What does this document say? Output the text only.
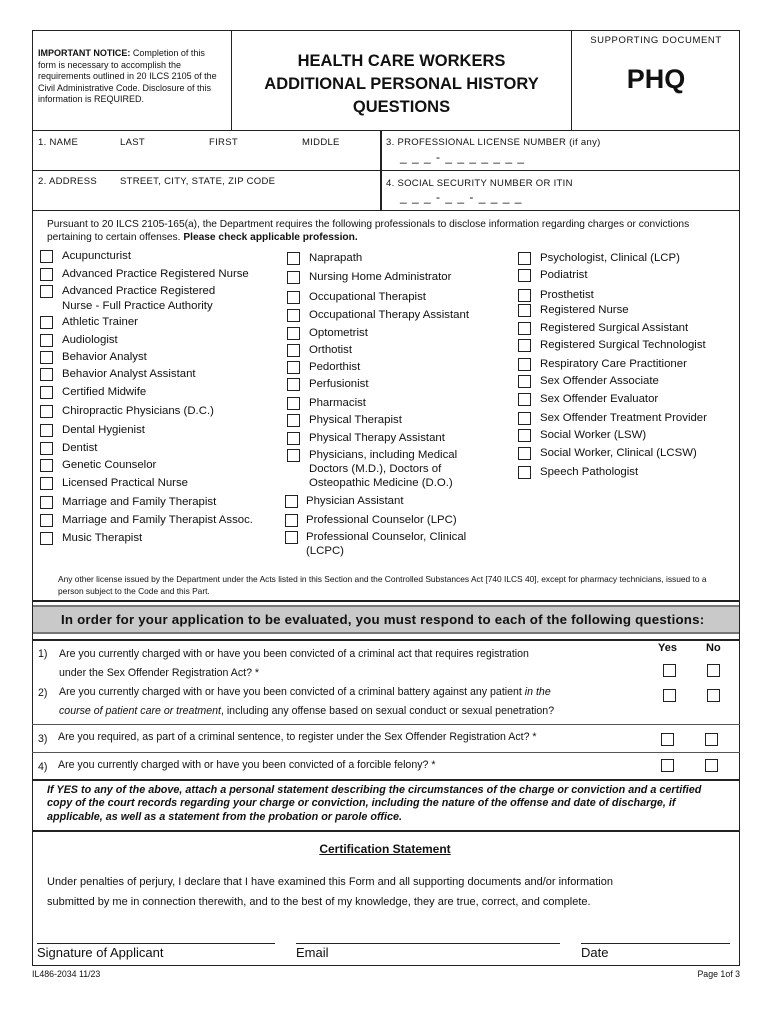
IMPORTANT NOTICE: Completion of this form is necessary to accomplish the requirements outlined in 20 ILCS 2105 of the Civil Administrative Code. Disclosure of this information is REQUIRED.
HEALTH CARE WORKERS
ADDITIONAL PERSONAL HISTORY
QUESTIONS
SUPPORTING DOCUMENT
PHQ
1. NAME	LAST	FIRST	MIDDLE	3. PROFESSIONAL LICENSE NUMBER (if any)
_ _ _ - _ _ _ _ _ _ _
2. ADDRESS STREET, CITY, STATE, ZIP CODE	4. SOCIAL SECURITY NUMBER OR ITIN
_ _ _ - _ _ - _ _ _ _
Pursuant to 20 ILCS 2105-165(a), the Department requires the following professionals to disclose information regarding charges or convictions pertaining to certain offenses. Please check applicable profession.
Acupuncturist
Advanced Practice Registered Nurse
Advanced Practice Registered
Nurse - Full Practice Authority
Athletic Trainer
Audiologist
Behavior Analyst
Behavior Analyst Assistant
Certified Midwife
Chiropractic Physicians (D.C.)
Dental Hygienist
Dentist
Genetic Counselor
Licensed Practical Nurse
Marriage and Family Therapist
Marriage and Family Therapist Assoc.
Music Therapist
Naprapath
Nursing Home Administrator
Occupational Therapist
Occupational Therapy Assistant
Optometrist
Orthotist
Pedorthist
Perfusionist
Pharmacist
Physical Therapist
Physical Therapy Assistant
Physicians, including Medical
Doctors (M.D.), Doctors of
Osteopathic Medicine (D.O.)
Physician Assistant
Professional Counselor (LPC)
Professional Counselor, Clinical
(LCPC)
Psychologist, Clinical (LCP)
Podiatrist
Prosthetist
Registered Nurse
Registered Surgical Assistant
Registered Surgical Technologist
Respiratory Care Practitioner
Sex Offender Associate
Sex Offender Evaluator
Sex Offender Treatment Provider
Social Worker (LSW)
Social Worker, Clinical (LCSW)
Speech Pathologist
Any other license issued by the Department under the Acts listed in this Section and the Controlled Substances Act [740 ILCS 40], except for pharmacy technicians, issued to a person subject to the Code and this Part.
In order for your application to be evaluated, you must respond to each of the following questions:
Yes	No
1) Are you currently charged with or have you been convicted of a criminal act that requires registration
under the Sex Offender Registration Act? *
2) Are you currently charged with or have you been convicted of a criminal battery against any patient in the
course of patient care or treatment, including any offense based on sexual conduct or sexual penetration?
3) Are you required, as part of a criminal sentence, to register under the Sex Offender Registration Act? *
4) Are you currently charged with or have you been convicted of a forcible felony? *
If YES to any of the above, attach a personal statement describing the circumstances of the charge or conviction and a certified copy of the court records regarding your charge or conviction, including the nature of the offense and date of discharge, if applicable, as well as a statement from the probation or parole office.
Certification Statement
Under penalties of perjury, I declare that I have examined this Form and all supporting documents and/or information
submitted by me in connection therewith, and to the best of my knowledge, they are true, correct, and complete.
Signature of Applicant	Email	Date
IL486-2034 11/23	Page 1of 3
